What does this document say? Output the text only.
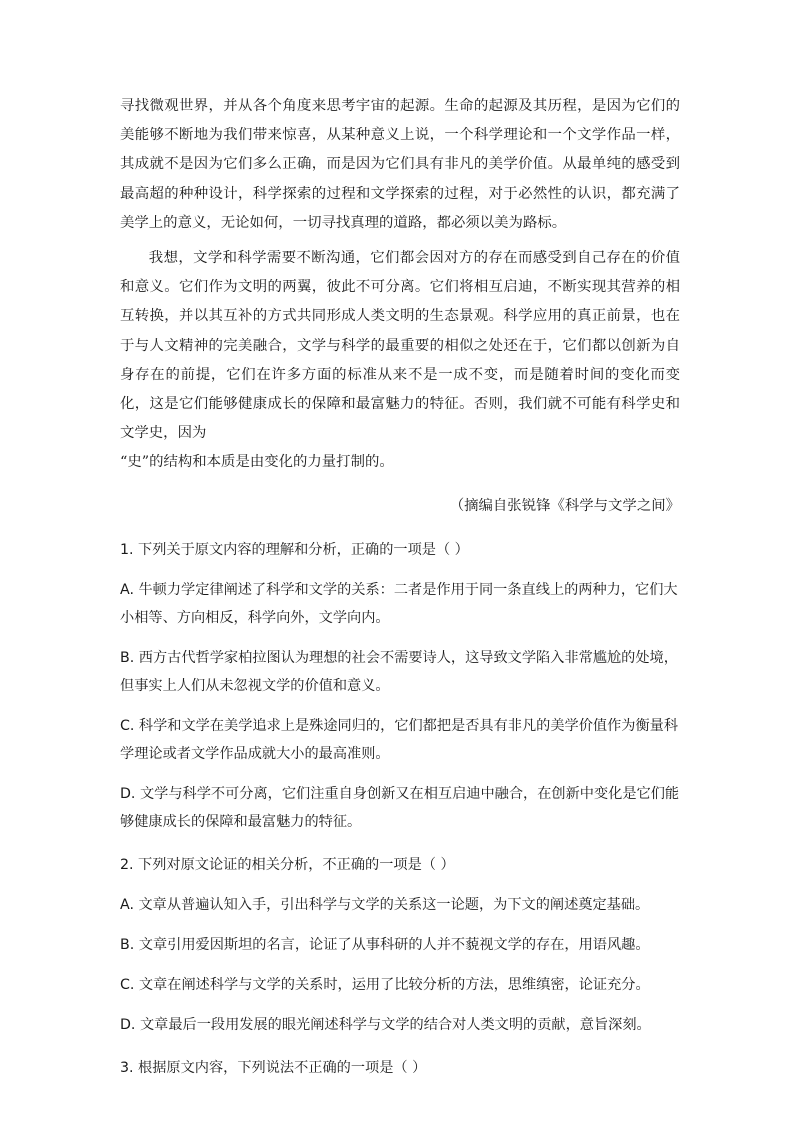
寻找微观世界，并从各个角度来思考宇宙的起源。生命的起源及其历程，是因为它们的美能够不断地为我们带来惊喜，从某种意义上说，一个科学理论和一个文学作品一样，其成就不是因为它们多么正确，而是因为它们具有非凡的美学价值。从最单纯的感受到最高超的种种设计，科学探索的过程和文学探索的过程，对于必然性的认识，都充满了美学上的意义，无论如何，一切寻找真理的道路，都必须以美为路标。

我想，文学和科学需要不断沟通，它们都会因对方的存在而感受到自己存在的价值和意义。它们作为文明的两翼，彼此不可分离。它们将相互启迪，不断实现其营养的相互转换，并以其互补的方式共同形成人类文明的生态景观。科学应用的真正前景，也在于与人文精神的完美融合，文学与科学的最重要的相似之处还在于，它们都以创新为自身存在的前提，它们在许多方面的标准从来不是一成不变，而是随着时间的变化而变化，这是它们能够健康成长的保障和最富魅力的特征。否则，我们就不可能有科学史和文学史，因为

“史”的结构和本质是由变化的力量打制的。

（摘编自张锐锋《科学与文学之间》

1. 下列关于原文内容的理解和分析，正确的一项是（ ）

A. 牛顿力学定律阐述了科学和文学的关系：二者是作用于同一条直线上的两种力，它们大小相等、方向相反，科学向外，文学向内。

B. 西方古代哲学家柏拉图认为理想的社会不需要诗人，这导致文学陷入非常尴尬的处境，但事实上人们从未忽视文学的价值和意义。

C. 科学和文学在美学追求上是殊途同归的，它们都把是否具有非凡的美学价值作为衡量科学理论或者文学作品成就大小的最高准则。

D. 文学与科学不可分离，它们注重自身创新又在相互启迪中融合，在创新中变化是它们能够健康成长的保障和最富魅力的特征。

2. 下列对原文论证的相关分析，不正确的一项是（ ）

A. 文章从普遍认知入手，引出科学与文学的关系这一论题，为下文的阐述奠定基础。

B. 文章引用爱因斯坦的名言，论证了从事科研的人并不藐视文学的存在，用语风趣。

C. 文章在阐述科学与文学的关系时，运用了比较分析的方法，思维缜密，论证充分。

D. 文章最后一段用发展的眼光阐述科学与文学的结合对人类文明的贡献，意旨深刻。

3. 根据原文内容，下列说法不正确的一项是（ ）
